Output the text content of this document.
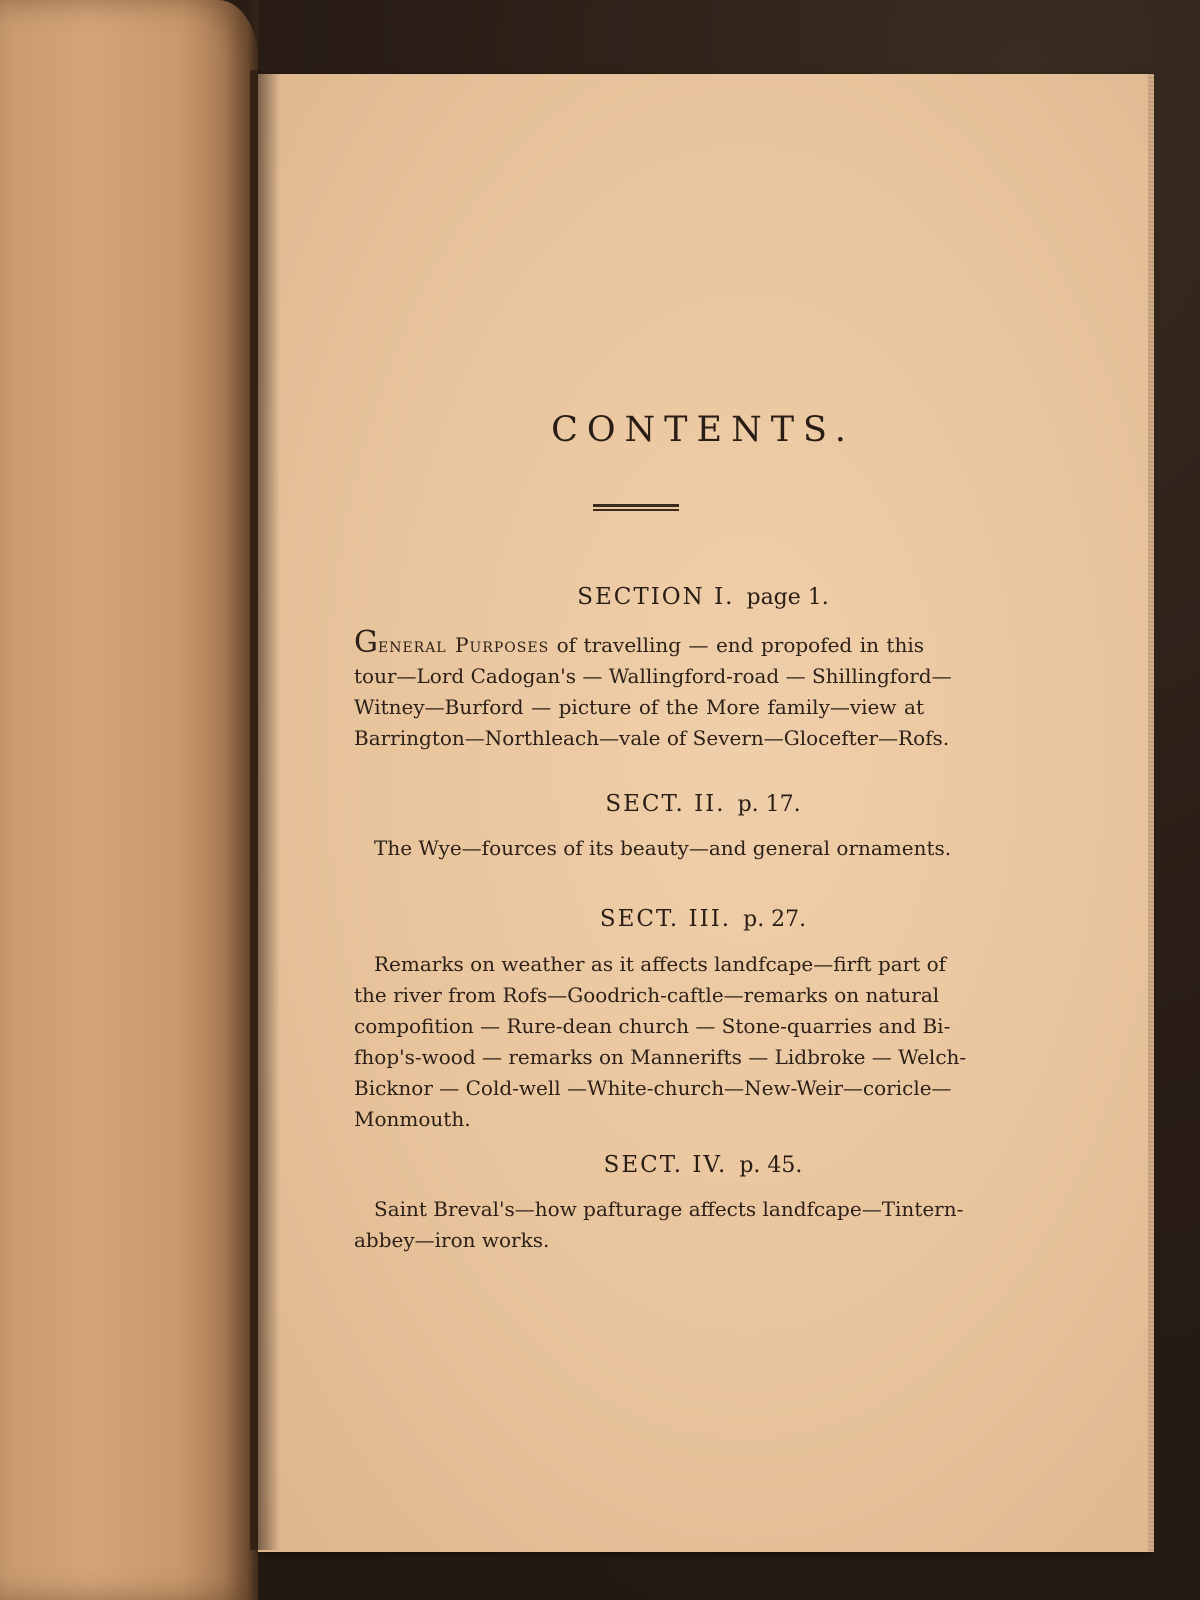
CONTENTS.
SECTION I. page 1.
General Purposes of travelling — end propofed in this
tour—Lord Cadogan's — Wallingford-road — Shillingford—
Witney—Burford — picture of the More family—view at
Barrington—Northleach—vale of Severn—Glocefter—Rofs.
SECT. II. p. 17.
The Wye—fources of its beauty—and general ornaments.
SECT. III. p. 27.
Remarks on weather as it affects landfcape—firft part of
the river from Rofs—Goodrich-caftle—remarks on natural
compofition — Rure-dean church — Stone-quarries and Bi-
fhop's-wood — remarks on Mannerifts — Lidbroke — Welch-
Bicknor — Cold-well —White-church—New-Weir—coricle—
Monmouth.
SECT. IV. p. 45.
Saint Breval's—how pafturage affects landfcape—Tintern-
abbey—iron works.
